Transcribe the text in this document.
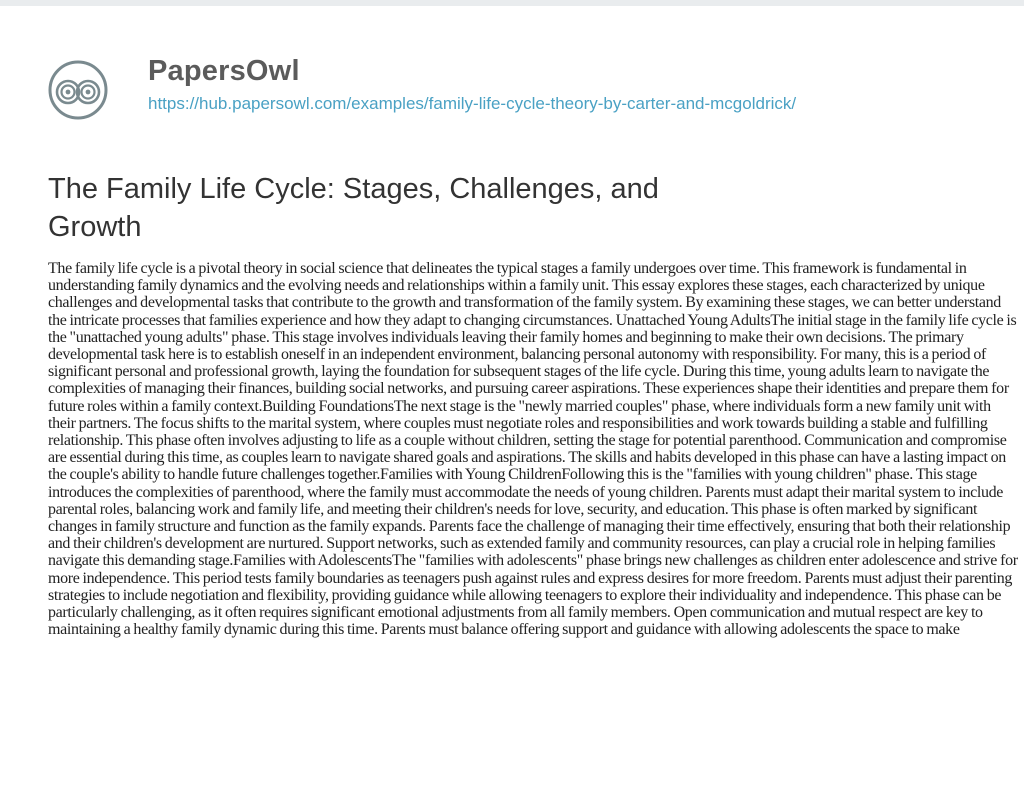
PapersOwl
https://hub.papersowl.com/examples/family-life-cycle-theory-by-carter-and-mcgoldrick/
The Family Life Cycle: Stages, Challenges, and Growth

The family life cycle is a pivotal theory in social science that delineates the typical stages a family undergoes over time. This framework is fundamental in understanding family dynamics and the evolving needs and relationships within a family unit. This essay explores these stages, each characterized by unique challenges and developmental tasks that contribute to the growth and transformation of the family system. By examining these stages, we can better understand the intricate processes that families experience and how they adapt to changing circumstances. Unattached Young AdultsThe initial stage in the family life cycle is the "unattached young adults" phase. This stage involves individuals leaving their family homes and beginning to make their own decisions. The primary developmental task here is to establish oneself in an independent environment, balancing personal autonomy with responsibility. For many, this is a period of significant personal and professional growth, laying the foundation for subsequent stages of the life cycle. During this time, young adults learn to navigate the complexities of managing their finances, building social networks, and pursuing career aspirations. These experiences shape their identities and prepare them for future roles within a family context.Building FoundationsThe next stage is the "newly married couples" phase, where individuals form a new family unit with their partners. The focus shifts to the marital system, where couples must negotiate roles and responsibilities and work towards building a stable and fulfilling relationship. This phase often involves adjusting to life as a couple without children, setting the stage for potential parenthood. Communication and compromise are essential during this time, as couples learn to navigate shared goals and aspirations. The skills and habits developed in this phase can have a lasting impact on the couple's ability to handle future challenges together.Families with Young ChildrenFollowing this is the "families with young children" phase. This stage introduces the complexities of parenthood, where the family must accommodate the needs of young children. Parents must adapt their marital system to include parental roles, balancing work and family life, and meeting their children's needs for love, security, and education. This phase is often marked by significant changes in family structure and function as the family expands. Parents face the challenge of managing their time effectively, ensuring that both their relationship and their children's development are nurtured. Support networks, such as extended family and community resources, can play a crucial role in helping families navigate this demanding stage.Families with AdolescentsThe "families with adolescents" phase brings new challenges as children enter adolescence and strive for more independence. This period tests family boundaries as teenagers push against rules and express desires for more freedom. Parents must adjust their parenting strategies to include negotiation and flexibility, providing guidance while allowing teenagers to explore their individuality and independence. This phase can be particularly challenging, as it often requires significant emotional adjustments from all family members. Open communication and mutual respect are key to maintaining a healthy family dynamic during this time. Parents must balance offering support and guidance with allowing adolescents the space to make
